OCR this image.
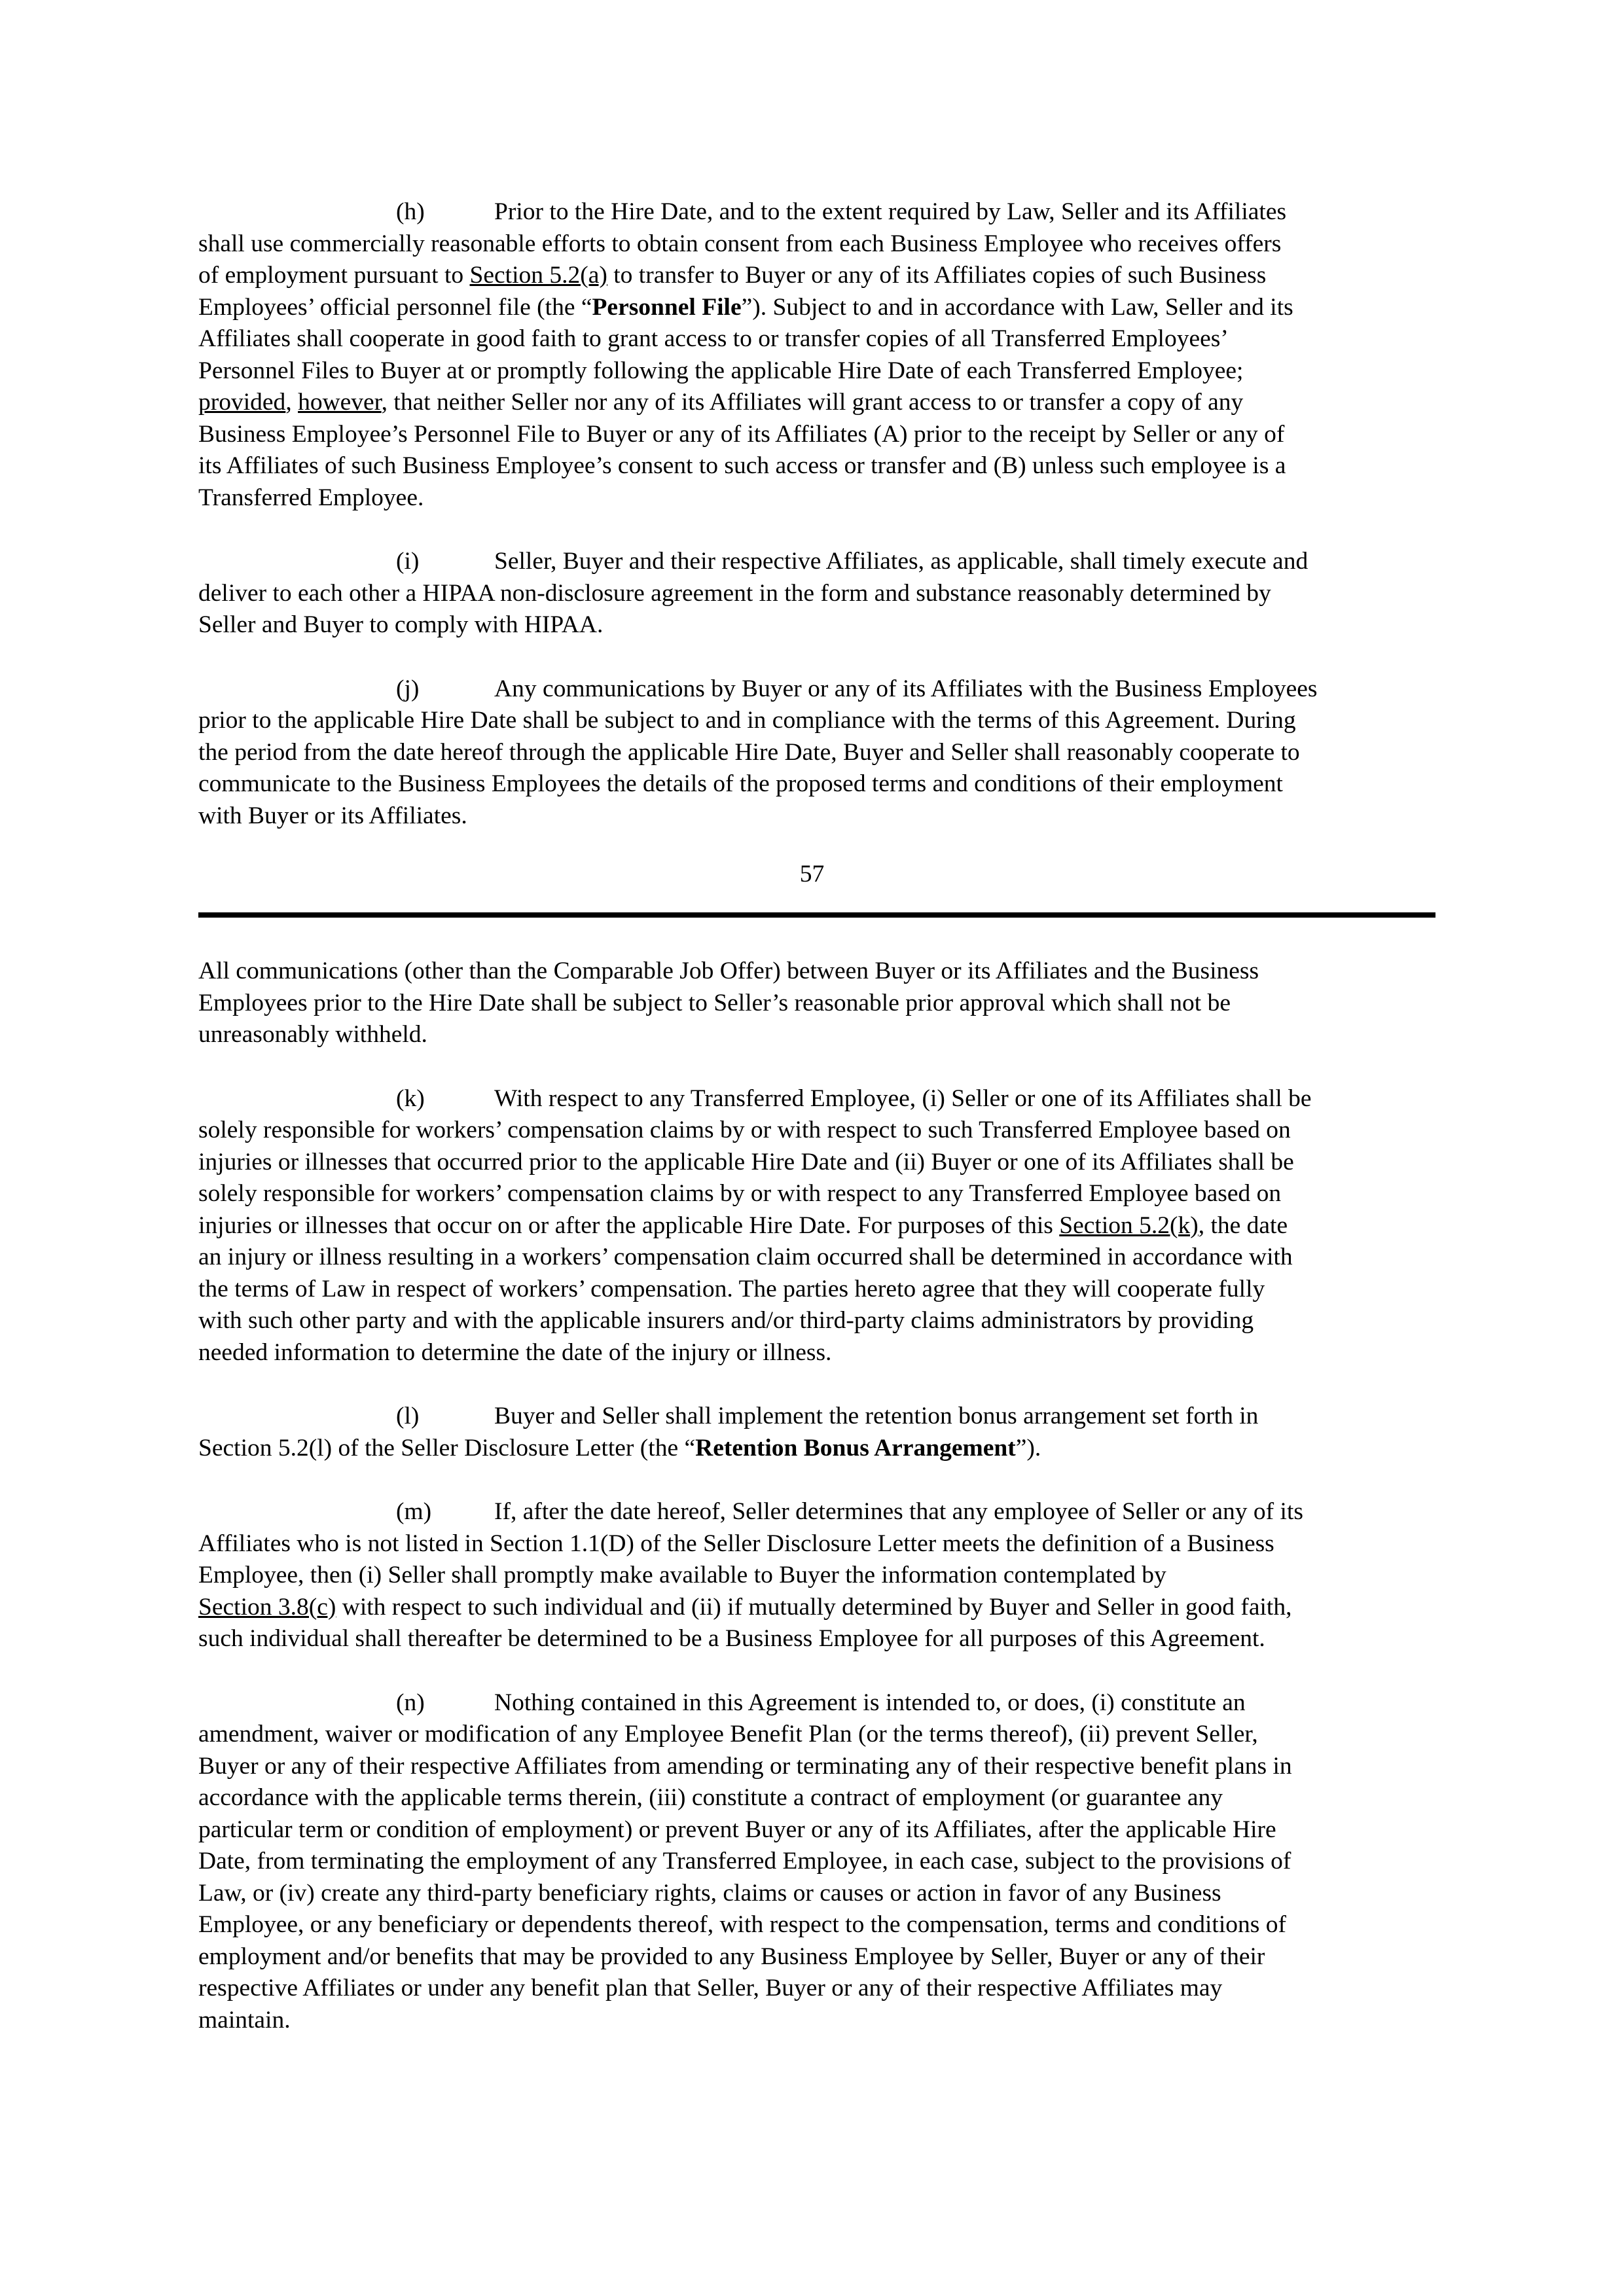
(h)	Prior to the Hire Date, and to the extent required by Law, Seller and its Affiliates
shall use commercially reasonable efforts to obtain consent from each Business Employee who receives offers
of employment pursuant to Section 5.2(a) to transfer to Buyer or any of its Affiliates copies of such Business
Employees’ official personnel file (the “Personnel File”). Subject to and in accordance with Law, Seller and its
Affiliates shall cooperate in good faith to grant access to or transfer copies of all Transferred Employees’
Personnel Files to Buyer at or promptly following the applicable Hire Date of each Transferred Employee;
provided, however, that neither Seller nor any of its Affiliates will grant access to or transfer a copy of any
Business Employee’s Personnel File to Buyer or any of its Affiliates (A) prior to the receipt by Seller or any of
its Affiliates of such Business Employee’s consent to such access or transfer and (B) unless such employee is a
Transferred Employee.

(i)	Seller, Buyer and their respective Affiliates, as applicable, shall timely execute and
deliver to each other a HIPAA non-disclosure agreement in the form and substance reasonably determined by
Seller and Buyer to comply with HIPAA.

(j)	Any communications by Buyer or any of its Affiliates with the Business Employees
prior to the applicable Hire Date shall be subject to and in compliance with the terms of this Agreement. During
the period from the date hereof through the applicable Hire Date, Buyer and Seller shall reasonably cooperate to
communicate to the Business Employees the details of the proposed terms and conditions of their employment
with Buyer or its Affiliates.

57

All communications (other than the Comparable Job Offer) between Buyer or its Affiliates and the Business
Employees prior to the Hire Date shall be subject to Seller’s reasonable prior approval which shall not be
unreasonably withheld.

(k)	With respect to any Transferred Employee, (i) Seller or one of its Affiliates shall be
solely responsible for workers’ compensation claims by or with respect to such Transferred Employee based on
injuries or illnesses that occurred prior to the applicable Hire Date and (ii) Buyer or one of its Affiliates shall be
solely responsible for workers’ compensation claims by or with respect to any Transferred Employee based on
injuries or illnesses that occur on or after the applicable Hire Date. For purposes of this Section 5.2(k), the date
an injury or illness resulting in a workers’ compensation claim occurred shall be determined in accordance with
the terms of Law in respect of workers’ compensation. The parties hereto agree that they will cooperate fully
with such other party and with the applicable insurers and/or third-party claims administrators by providing
needed information to determine the date of the injury or illness.

(l)	Buyer and Seller shall implement the retention bonus arrangement set forth in
Section 5.2(l) of the Seller Disclosure Letter (the “Retention Bonus Arrangement”).

(m)	If, after the date hereof, Seller determines that any employee of Seller or any of its
Affiliates who is not listed in Section 1.1(D) of the Seller Disclosure Letter meets the definition of a Business
Employee, then (i) Seller shall promptly make available to Buyer the information contemplated by
Section 3.8(c) with respect to such individual and (ii) if mutually determined by Buyer and Seller in good faith,
such individual shall thereafter be determined to be a Business Employee for all purposes of this Agreement.

(n)	Nothing contained in this Agreement is intended to, or does, (i) constitute an
amendment, waiver or modification of any Employee Benefit Plan (or the terms thereof), (ii) prevent Seller,
Buyer or any of their respective Affiliates from amending or terminating any of their respective benefit plans in
accordance with the applicable terms therein, (iii) constitute a contract of employment (or guarantee any
particular term or condition of employment) or prevent Buyer or any of its Affiliates, after the applicable Hire
Date, from terminating the employment of any Transferred Employee, in each case, subject to the provisions of
Law, or (iv) create any third-party beneficiary rights, claims or causes or action in favor of any Business
Employee, or any beneficiary or dependents thereof, with respect to the compensation, terms and conditions of
employment and/or benefits that may be provided to any Business Employee by Seller, Buyer or any of their
respective Affiliates or under any benefit plan that Seller, Buyer or any of their respective Affiliates may
maintain.
